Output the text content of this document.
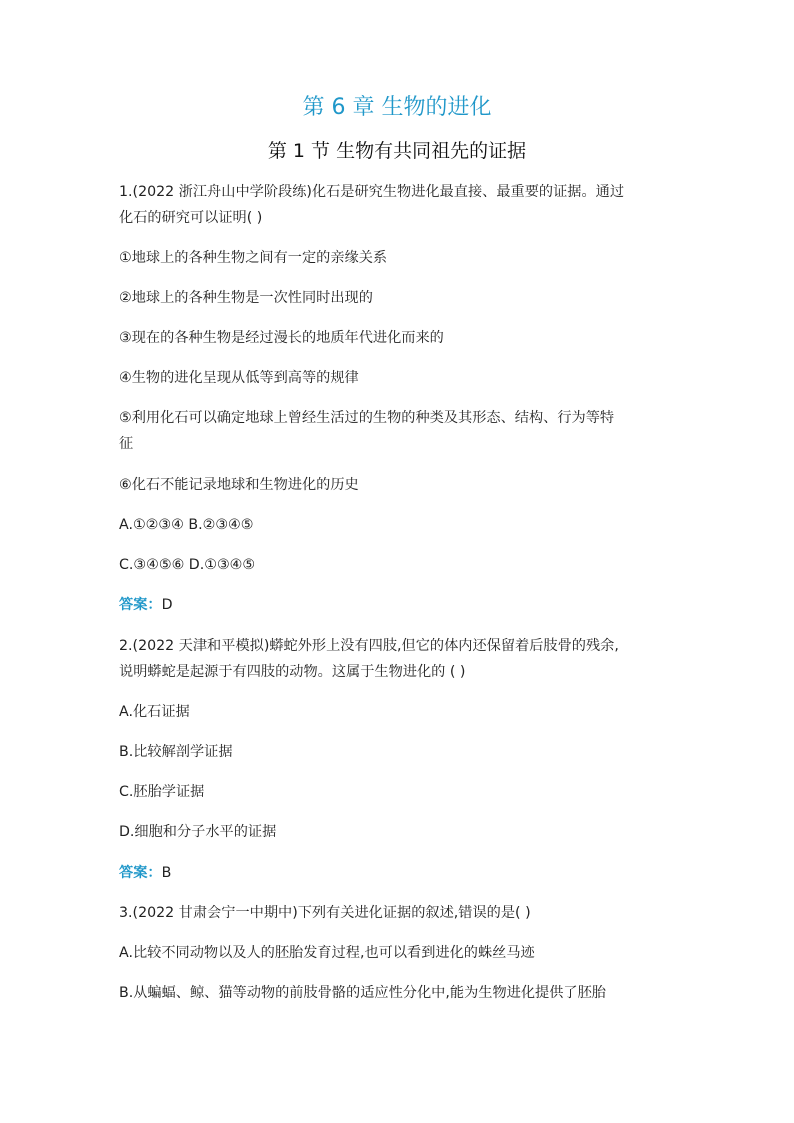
第 6 章 生物的进化
第 1 节 生物有共同祖先的证据
1.(2022 浙江舟山中学阶段练)化石是研究生物进化最直接、最重要的证据。通过
化石的研究可以证明( )
①地球上的各种生物之间有一定的亲缘关系
②地球上的各种生物是一次性同时出现的
③现在的各种生物是经过漫长的地质年代进化而来的
④生物的进化呈现从低等到高等的规律
⑤利用化石可以确定地球上曾经生活过的生物的种类及其形态、结构、行为等特
征
⑥化石不能记录地球和生物进化的历史
A.①②③④ B.②③④⑤
C.③④⑤⑥ D.①③④⑤
答案：D
2.(2022 天津和平模拟)蟒蛇外形上没有四肢,但它的体内还保留着后肢骨的残余,
说明蟒蛇是起源于有四肢的动物。这属于生物进化的 ( )
A.化石证据
B.比较解剖学证据
C.胚胎学证据
D.细胞和分子水平的证据
答案：B
3.(2022 甘肃会宁一中期中)下列有关进化证据的叙述,错误的是( )
A.比较不同动物以及人的胚胎发育过程,也可以看到进化的蛛丝马迹
B.从蝙蝠、鲸、猫等动物的前肢骨骼的适应性分化中,能为生物进化提供了胚胎
